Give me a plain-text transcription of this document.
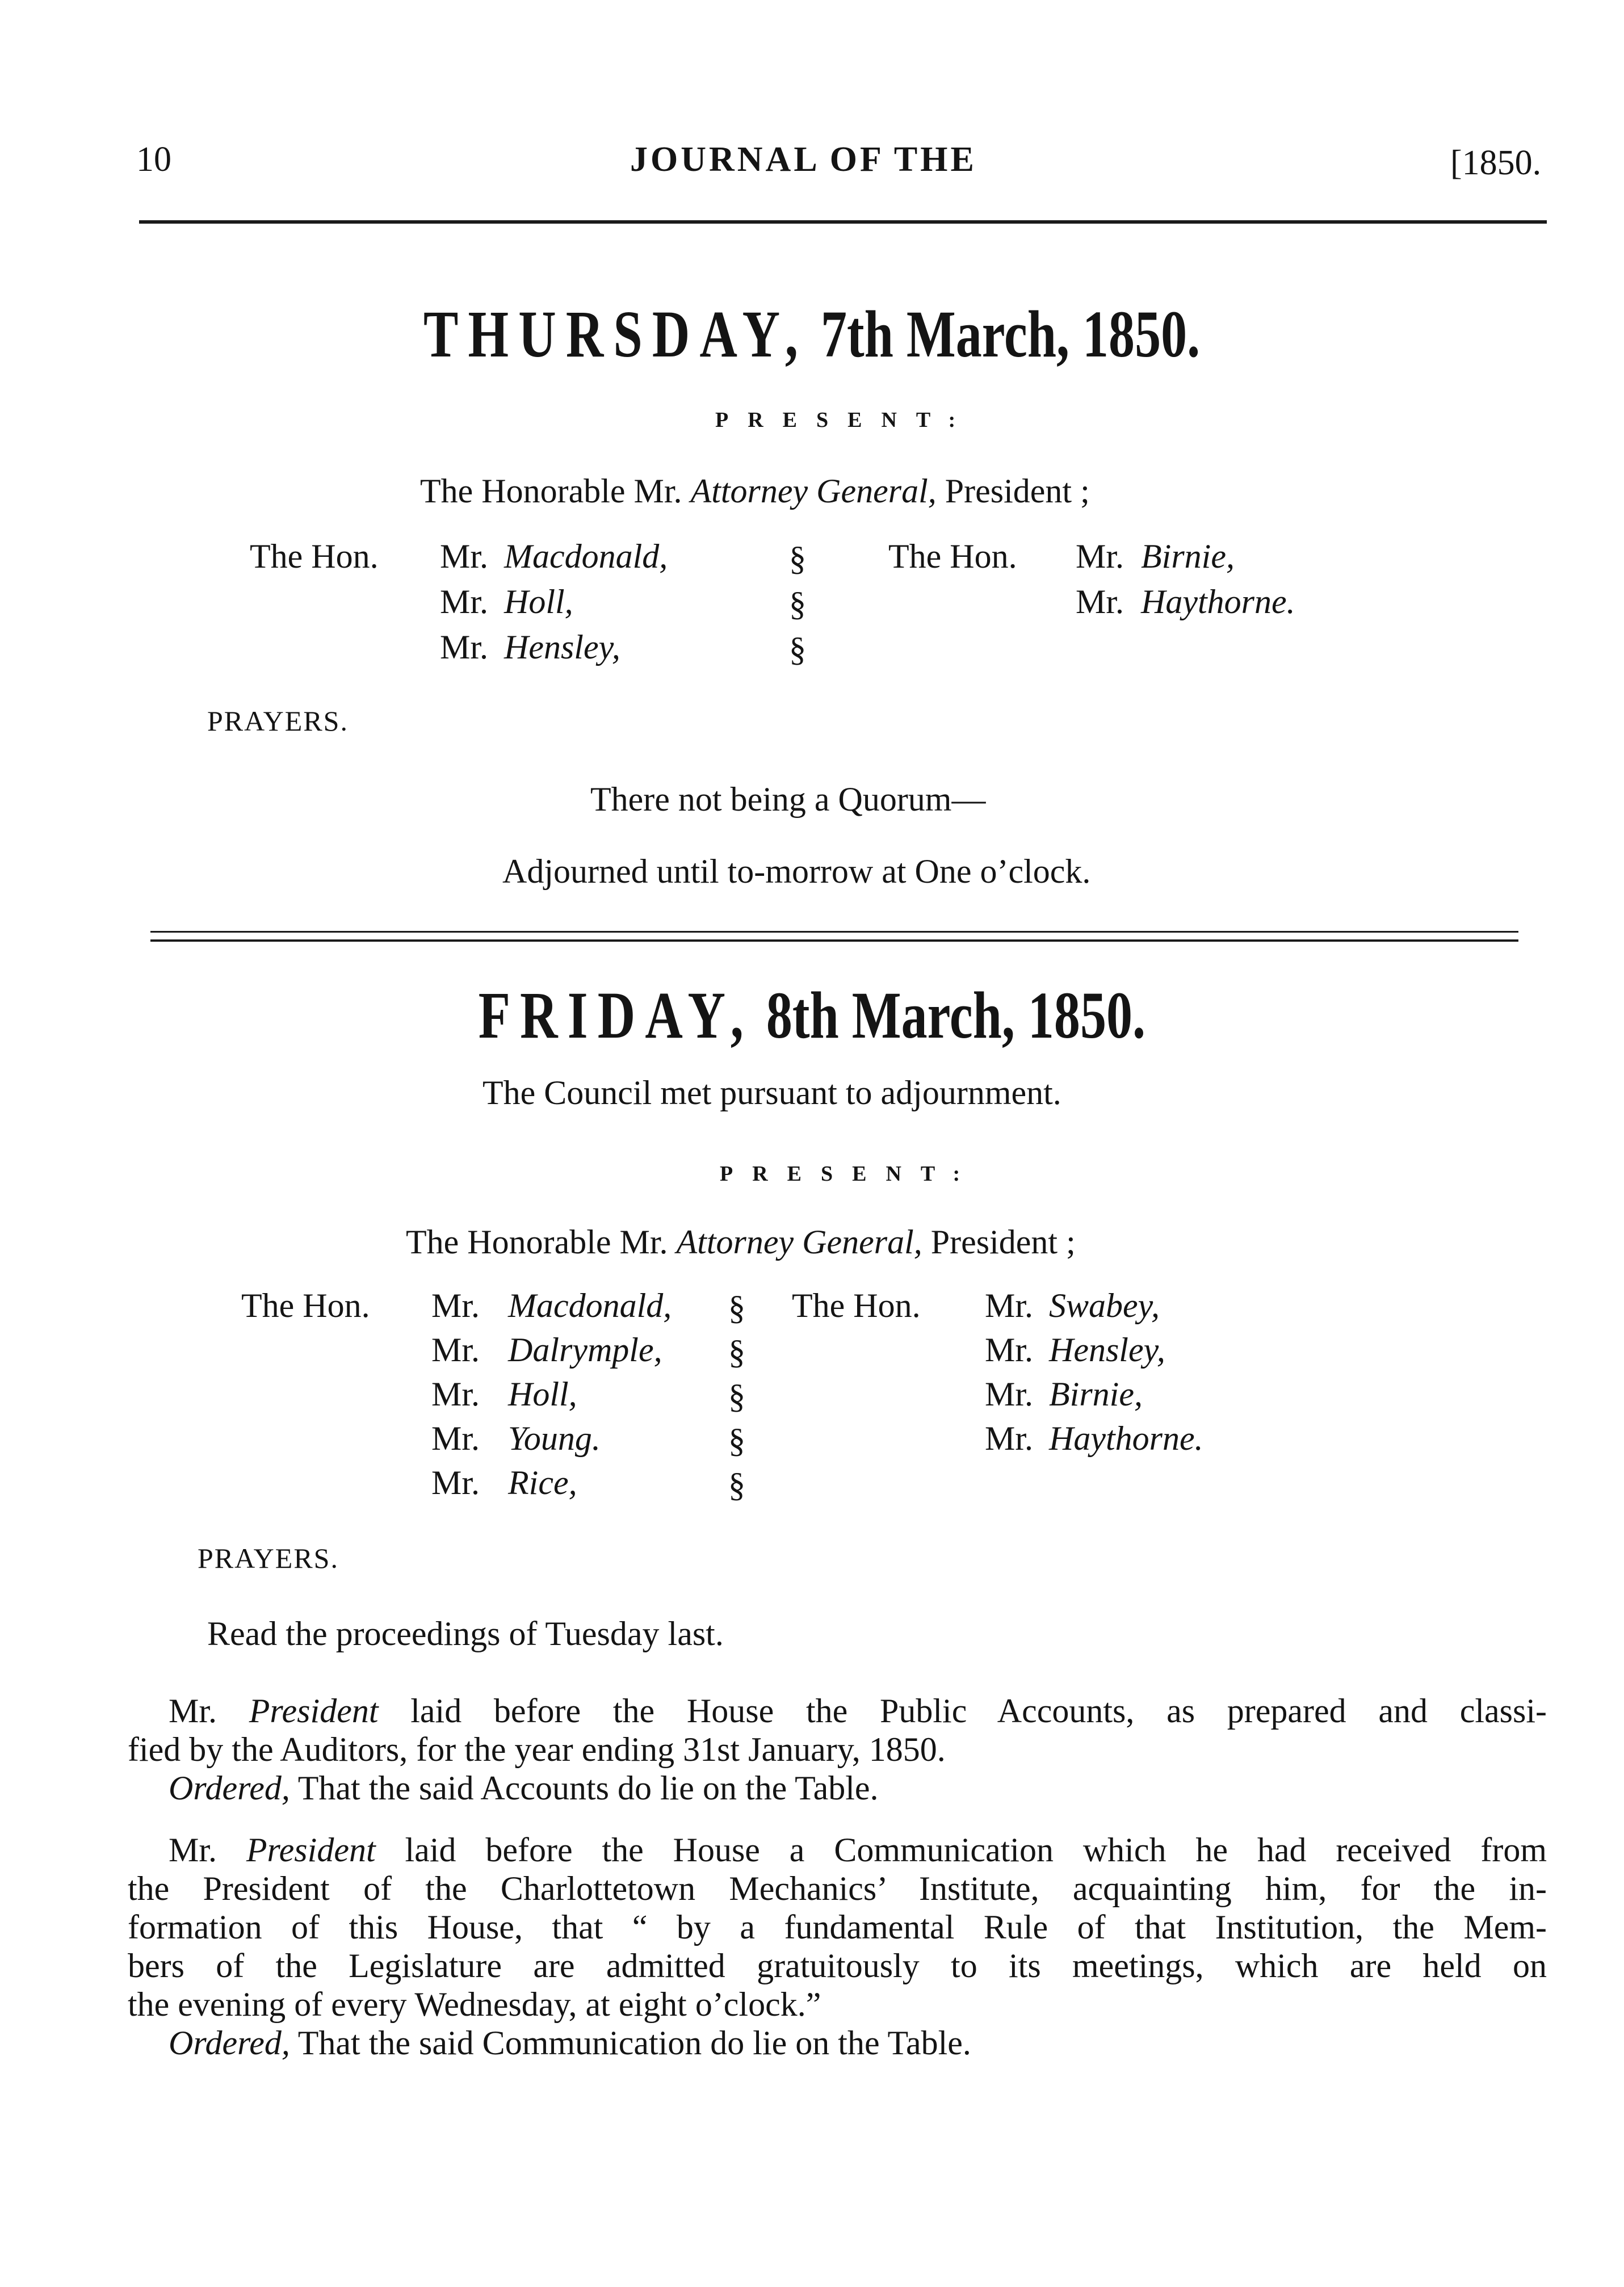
10	JOURNAL OF THE	[1850.
THURSDAY, 7th March, 1850.
PRESENT:
The Honorable Mr. Attorney General, President ;
The Hon. Mr. Macdonald,
Mr. Holl,
Mr. Hensley,
§
§
§
The Hon. Mr. Birnie,
Mr. Haythorne.
PRAYERS.
There not being a Quorum—
Adjourned until to-morrow at One o’clock.
FRIDAY, 8th March, 1850.
The Council met pursuant to adjournment.
PRESENT:
The Honorable Mr. Attorney General, President ;
The Hon. Mr. Macdonald,
Mr. Dalrymple,
Mr. Holl,
Mr. Young.
Mr. Rice,
§
§
§
§
§
The Hon. Mr. Swabey,
Mr. Hensley,
Mr. Birnie,
Mr. Haythorne.
PRAYERS.
Read the proceedings of Tuesday last.
Mr. President laid before the House the Public Accounts, as prepared and classi-
fied by the Auditors, for the year ending 31st January, 1850.
Ordered, That the said Accounts do lie on the Table.
Mr. President laid before the House a Communication which he had received from
the President of the Charlottetown Mechanics’ Institute, acquainting him, for the in-
formation of this House, that “ by a fundamental Rule of that Institution, the Mem-
bers of the Legislature are admitted gratuitously to its meetings, which are held on
the evening of every Wednesday, at eight o’clock.”
Ordered, That the said Communication do lie on the Table.
